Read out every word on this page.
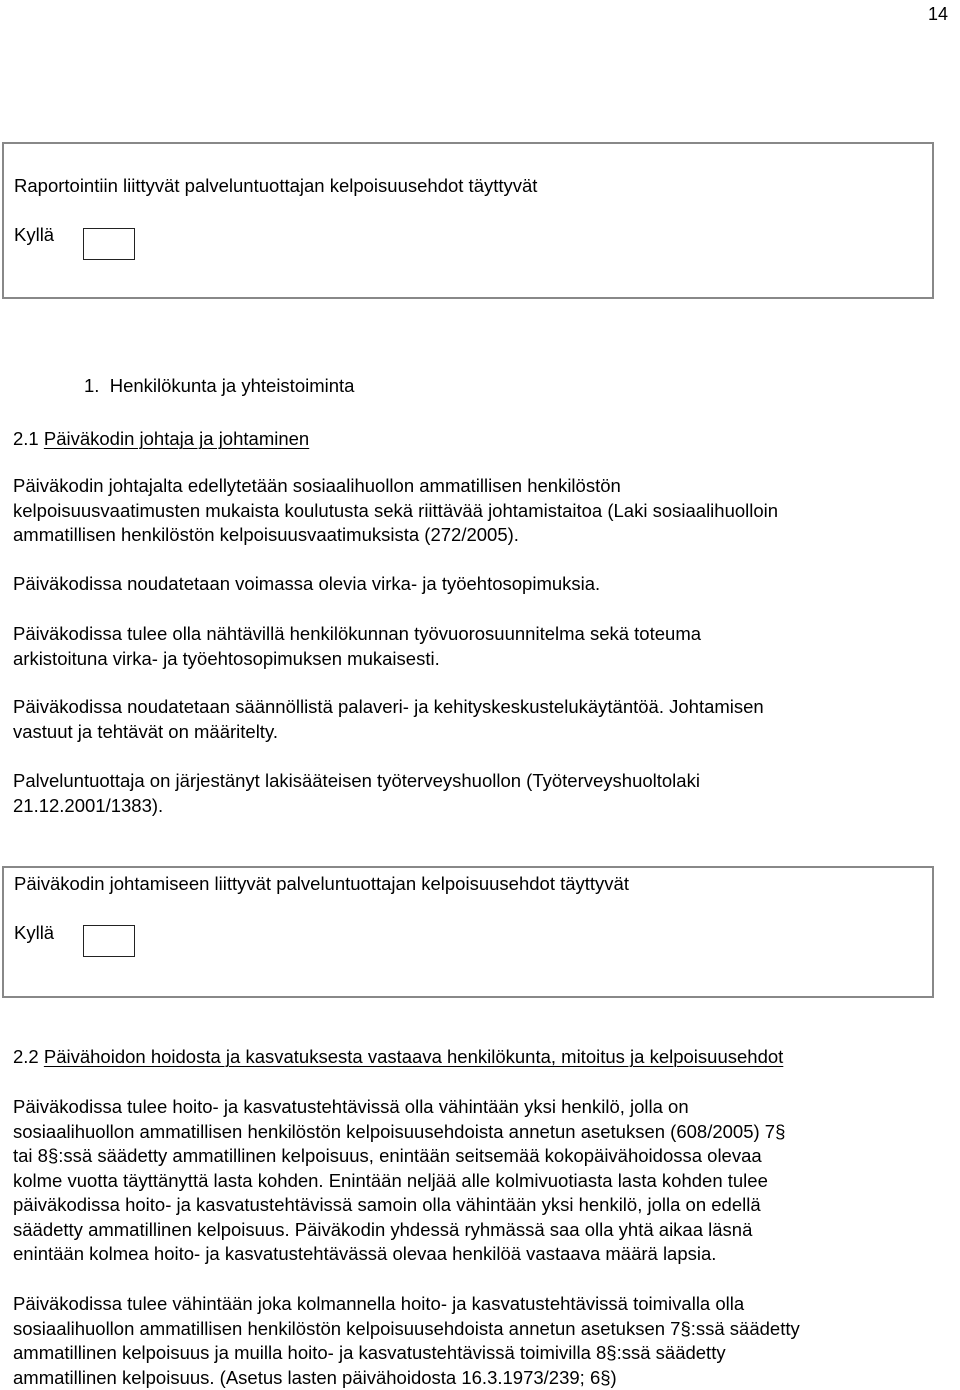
14
Raportointiin liittyvät palveluntuottajan kelpoisuusehdot täyttyvät
Kyllä
1. Henkilökunta ja yhteistoiminta
2.1 Päiväkodin johtaja ja johtaminen
Päiväkodin johtajalta edellytetään sosiaalihuollon ammatillisen henkilöstön
kelpoisuusvaatimusten mukaista koulutusta sekä riittävää johtamistaitoa (Laki sosiaalihuolloin
ammatillisen henkilöstön kelpoisuusvaatimuksista (272/2005).
Päiväkodissa noudatetaan voimassa olevia virka- ja työehtosopimuksia.
Päiväkodissa tulee olla nähtävillä henkilökunnan työvuorosuunnitelma sekä toteuma
arkistoituna virka- ja työehtosopimuksen mukaisesti.
Päiväkodissa noudatetaan säännöllistä palaveri- ja kehityskeskustelukäytäntöä. Johtamisen
vastuut ja tehtävät on määritelty.
Palveluntuottaja on järjestänyt lakisääteisen työterveyshuollon (Työterveyshuoltolaki
21.12.2001/1383).
Päiväkodin johtamiseen liittyvät palveluntuottajan kelpoisuusehdot täyttyvät
Kyllä
2.2 Päivähoidon hoidosta ja kasvatuksesta vastaava henkilökunta, mitoitus ja kelpoisuusehdot
Päiväkodissa tulee hoito- ja kasvatustehtävissä olla vähintään yksi henkilö, jolla on
sosiaalihuollon ammatillisen henkilöstön kelpoisuusehdoista annetun asetuksen (608/2005) 7§
tai 8§:ssä säädetty ammatillinen kelpoisuus, enintään seitsemää kokopäivähoidossa olevaa
kolme vuotta täyttänyttä lasta kohden. Enintään neljää alle kolmivuotiasta lasta kohden tulee
päiväkodissa hoito- ja kasvatustehtävissä samoin olla vähintään yksi henkilö, jolla on edellä
säädetty ammatillinen kelpoisuus. Päiväkodin yhdessä ryhmässä saa olla yhtä aikaa läsnä
enintään kolmea hoito- ja kasvatustehtävässä olevaa henkilöä vastaava määrä lapsia.
Päiväkodissa tulee vähintään joka kolmannella hoito- ja kasvatustehtävissä toimivalla olla
sosiaalihuollon ammatillisen henkilöstön kelpoisuusehdoista annetun asetuksen 7§:ssä säädetty
ammatillinen kelpoisuus ja muilla hoito- ja kasvatustehtävissä toimivilla 8§:ssä säädetty
ammatillinen kelpoisuus. (Asetus lasten päivähoidosta 16.3.1973/239; 6§)
